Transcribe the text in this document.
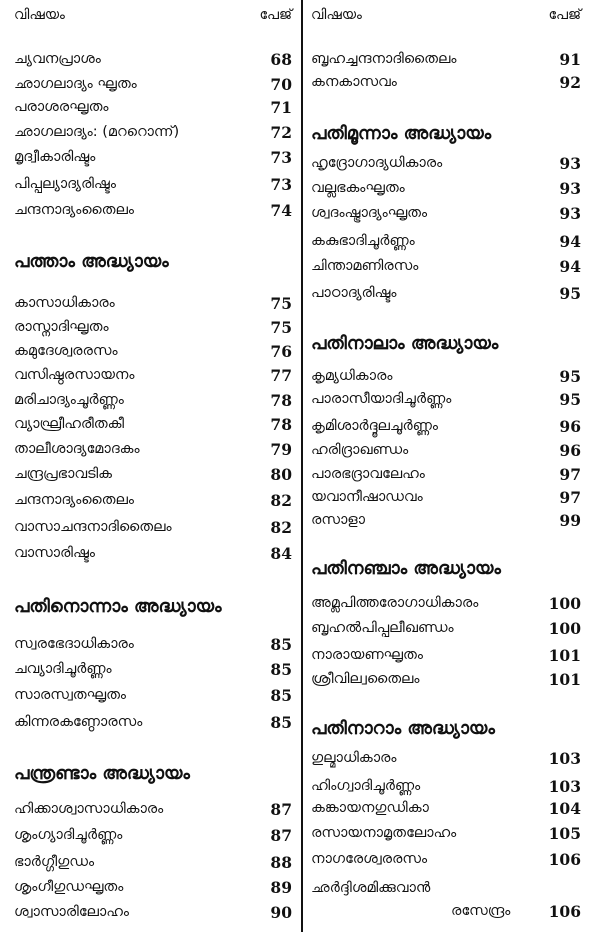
വിഷയം	പേജ്
ച്യവനപ്രാശം	68
ഛാഗലാദ്യം ഘൃതം	70
പരാശരഘൃതം	71
ഛാഗലാദ്യം: (മററൊന്ന്)	72
മൃദ്വീകാരിഷ്ടം	73
പിപ്പല്യാദ്യരിഷ്ടം	73
ചന്ദനാദ്യംതൈലം	74
പത്താം അദ്ധ്യായം
കാസാധികാരം	75
രാസ്നാദിഘൃതം	75
കമുദേശ്വരരസം	76
വസിഷ്ഠരസായനം	77
മരിചാദ്യംചൂർണ്ണം	78
വ്യാഘ്രീഹരീതകീ	78
താലീശാദ്യമോദകം	79
ചന്ദ്രപ്രഭാവടിക	80
ചന്ദനാദ്യംതൈലം	82
വാസാചന്ദനാദിതൈലം	82
വാസാരിഷ്ടം	84
പതിനൊന്നാം അദ്ധ്യായം
സ്വരഭേദാധികാരം	85
ചവ്യാദിചൂർണ്ണം	85
സാരസ്വതഘൃതം	85
കിന്നരകണ്ഠോരസം	85
പന്ത്രണ്ടാം അദ്ധ്യായം
ഹിക്കാശ്വാസാധികാരം	87
ശൃംഗ്യാദിചൂർണ്ണം	87
ഭാർഗ്ഗീഗുഡം	88
ശൃംഗീഗുഡഘൃതം	89
ശ്വാസാരിലോഹം	90
വിഷയം	പേജ്
ബൃഹച്ചന്ദനാദിതൈലം	91
കനകാസവം	92
പതിമൂന്നാം അദ്ധ്യായം
ഹൃദ്രോഗാദ്യധികാരം	93
വല്ലഭകംഘൃതം	93
ശ്വദംഷ്ട്രാദ്യംഘൃതം	93
കകുഭാദിചൂർണ്ണം	94
ചിന്താമണിരസം	94
പാഠാദ്യരിഷ്ടം	95
പതിനാലാം അദ്ധ്യായം
കൃമ്യധികാരം	95
പാരാസീയാദിചൂർണ്ണം	95
കൃമിശാർദ്ദൂലചൂർണ്ണം	96
ഹരിദ്രാഖണ്ഡം	96
പാരഭദ്രാവലേഹം	97
യവാനീഷാഡവം	97
രസാളാ	99
പതിനഞ്ചാം അദ്ധ്യായം
അമ്ലപിത്തരോഗാധികാരം	100
ബൃഹൽപിപ്പലീഖണ്ഡം	100
നാരായണഘൃതം	101
ശ്രീവില്വതൈലം	101
പതിനാറാം അദ്ധ്യായം
ഗുല്മാധികാരം	103
ഹിംഗ്വാദിചൂർണ്ണം	103
കങ്കായനഗുഡികാ	104
രസായനാമൃതലോഹം	105
നാഗരേശ്വരരസം	106
ഛർദ്ദിശമിക്കുവാൻ
രസേന്ദ്രം 106
